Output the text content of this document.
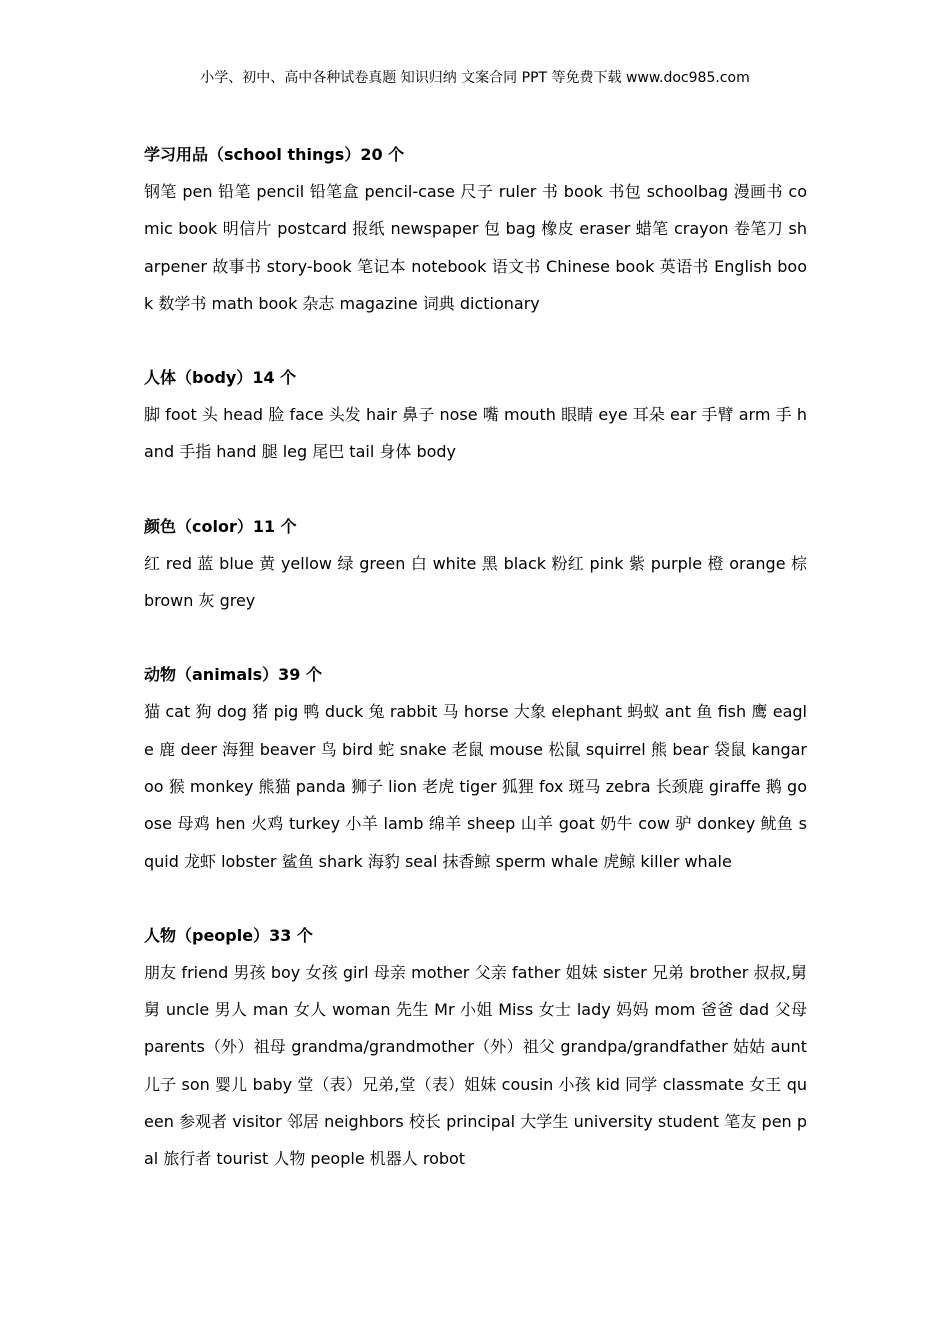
小学、初中、高中各种试卷真题 知识归纳 文案合同 PPT 等免费下载 www.doc985.com

学习用品（school things）20 个

钢笔 pen 铅笔 pencil 铅笔盒 pencil-case 尺子 ruler 书 book 书包 schoolbag 漫画书 comic book 明信片 postcard 报纸 newspaper 包 bag 橡皮 eraser 蜡笔 crayon 卷笔刀 sharpener 故事书 story-book 笔记本 notebook 语文书 Chinese book 英语书 English book 数学书 math book 杂志 magazine 词典 dictionary

人体（body）14 个

脚 foot 头 head 脸 face 头发 hair 鼻子 nose 嘴 mouth 眼睛 eye 耳朵 ear 手臂 arm 手 hand 手指 hand 腿 leg 尾巴 tail 身体 body

颜色（color）11 个

红 red 蓝 blue 黄 yellow 绿 green 白 white 黑 black 粉红 pink 紫 purple 橙 orange 棕 brown 灰 grey

动物（animals）39 个

猫 cat 狗 dog 猪 pig 鸭 duck 兔 rabbit 马 horse 大象 elephant 蚂蚁 ant 鱼 fish 鹰 eagle 鹿 deer 海狸 beaver 鸟 bird 蛇 snake 老鼠 mouse 松鼠 squirrel 熊 bear 袋鼠 kangaroo 猴 monkey 熊猫 panda 狮子 lion 老虎 tiger 狐狸 fox 斑马 zebra 长颈鹿 giraffe 鹅 goose 母鸡 hen 火鸡 turkey 小羊 lamb 绵羊 sheep 山羊 goat 奶牛 cow 驴 donkey 鱿鱼 squid 龙虾 lobster 鲨鱼 shark 海豹 seal 抹香鲸 sperm whale 虎鲸 killer whale

人物（people）33 个

朋友 friend 男孩 boy 女孩 girl 母亲 mother 父亲 father 姐妹 sister 兄弟 brother 叔叔,舅舅 uncle 男人 man 女人 woman 先生 Mr 小姐 Miss 女士 lady 妈妈 mom 爸爸 dad 父母 parents（外）祖母 grandma/grandmother（外）祖父 grandpa/grandfather 姑姑 aunt 儿子 son 婴儿 baby 堂（表）兄弟,堂（表）姐妹 cousin 小孩 kid 同学 classmate 女王 queen 参观者 visitor 邻居 neighbors 校长 principal 大学生 university student 笔友 pen pal 旅行者 tourist 人物 people 机器人 robot
